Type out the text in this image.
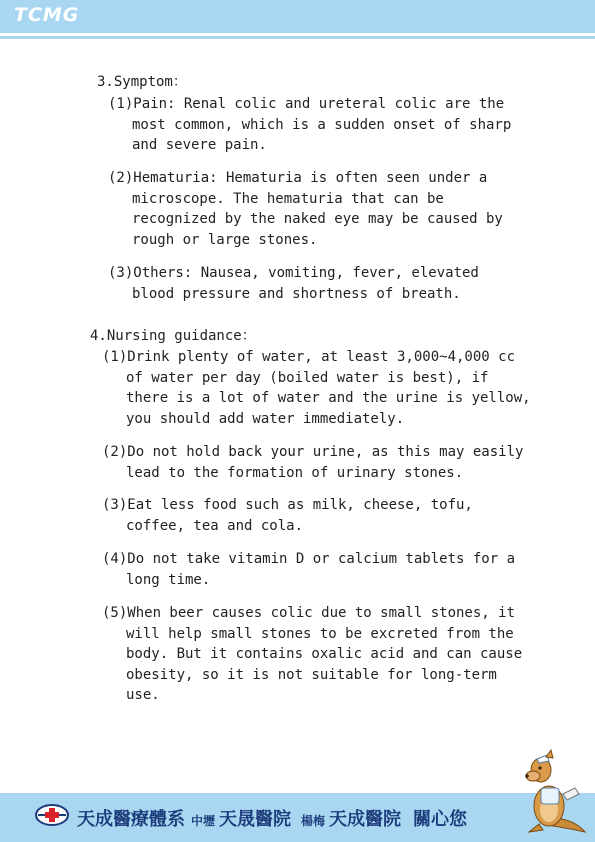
TCMG
3.Symptom：
(1)Pain: Renal colic and ureteral colic are the
most common, which is a sudden onset of sharp
and severe pain.
(2)Hematuria: Hematuria is often seen under a
microscope. The hematuria that can be
recognized by the naked eye may be caused by
rough or large stones.
(3)Others: Nausea, vomiting, fever, elevated
blood pressure and shortness of breath.
4.Nursing guidance：
(1)Drink plenty of water, at least 3,000~4,000 cc
of water per day (boiled water is best), if
there is a lot of water and the urine is yellow,
you should add water immediately.
(2)Do not hold back your urine, as this may easily
lead to the formation of urinary stones.
(3)Eat less food such as milk, cheese, tofu,
coffee, tea and cola.
(4)Do not take vitamin D or calcium tablets for a
long time.
(5)When beer causes colic due to small stones, it
will help small stones to be excreted from the
body. But it contains oxalic acid and can cause
obesity, so it is not suitable for long-term
use.
天成醫療體系 中壢 天晟醫院 楊梅 天成醫院 關心您
